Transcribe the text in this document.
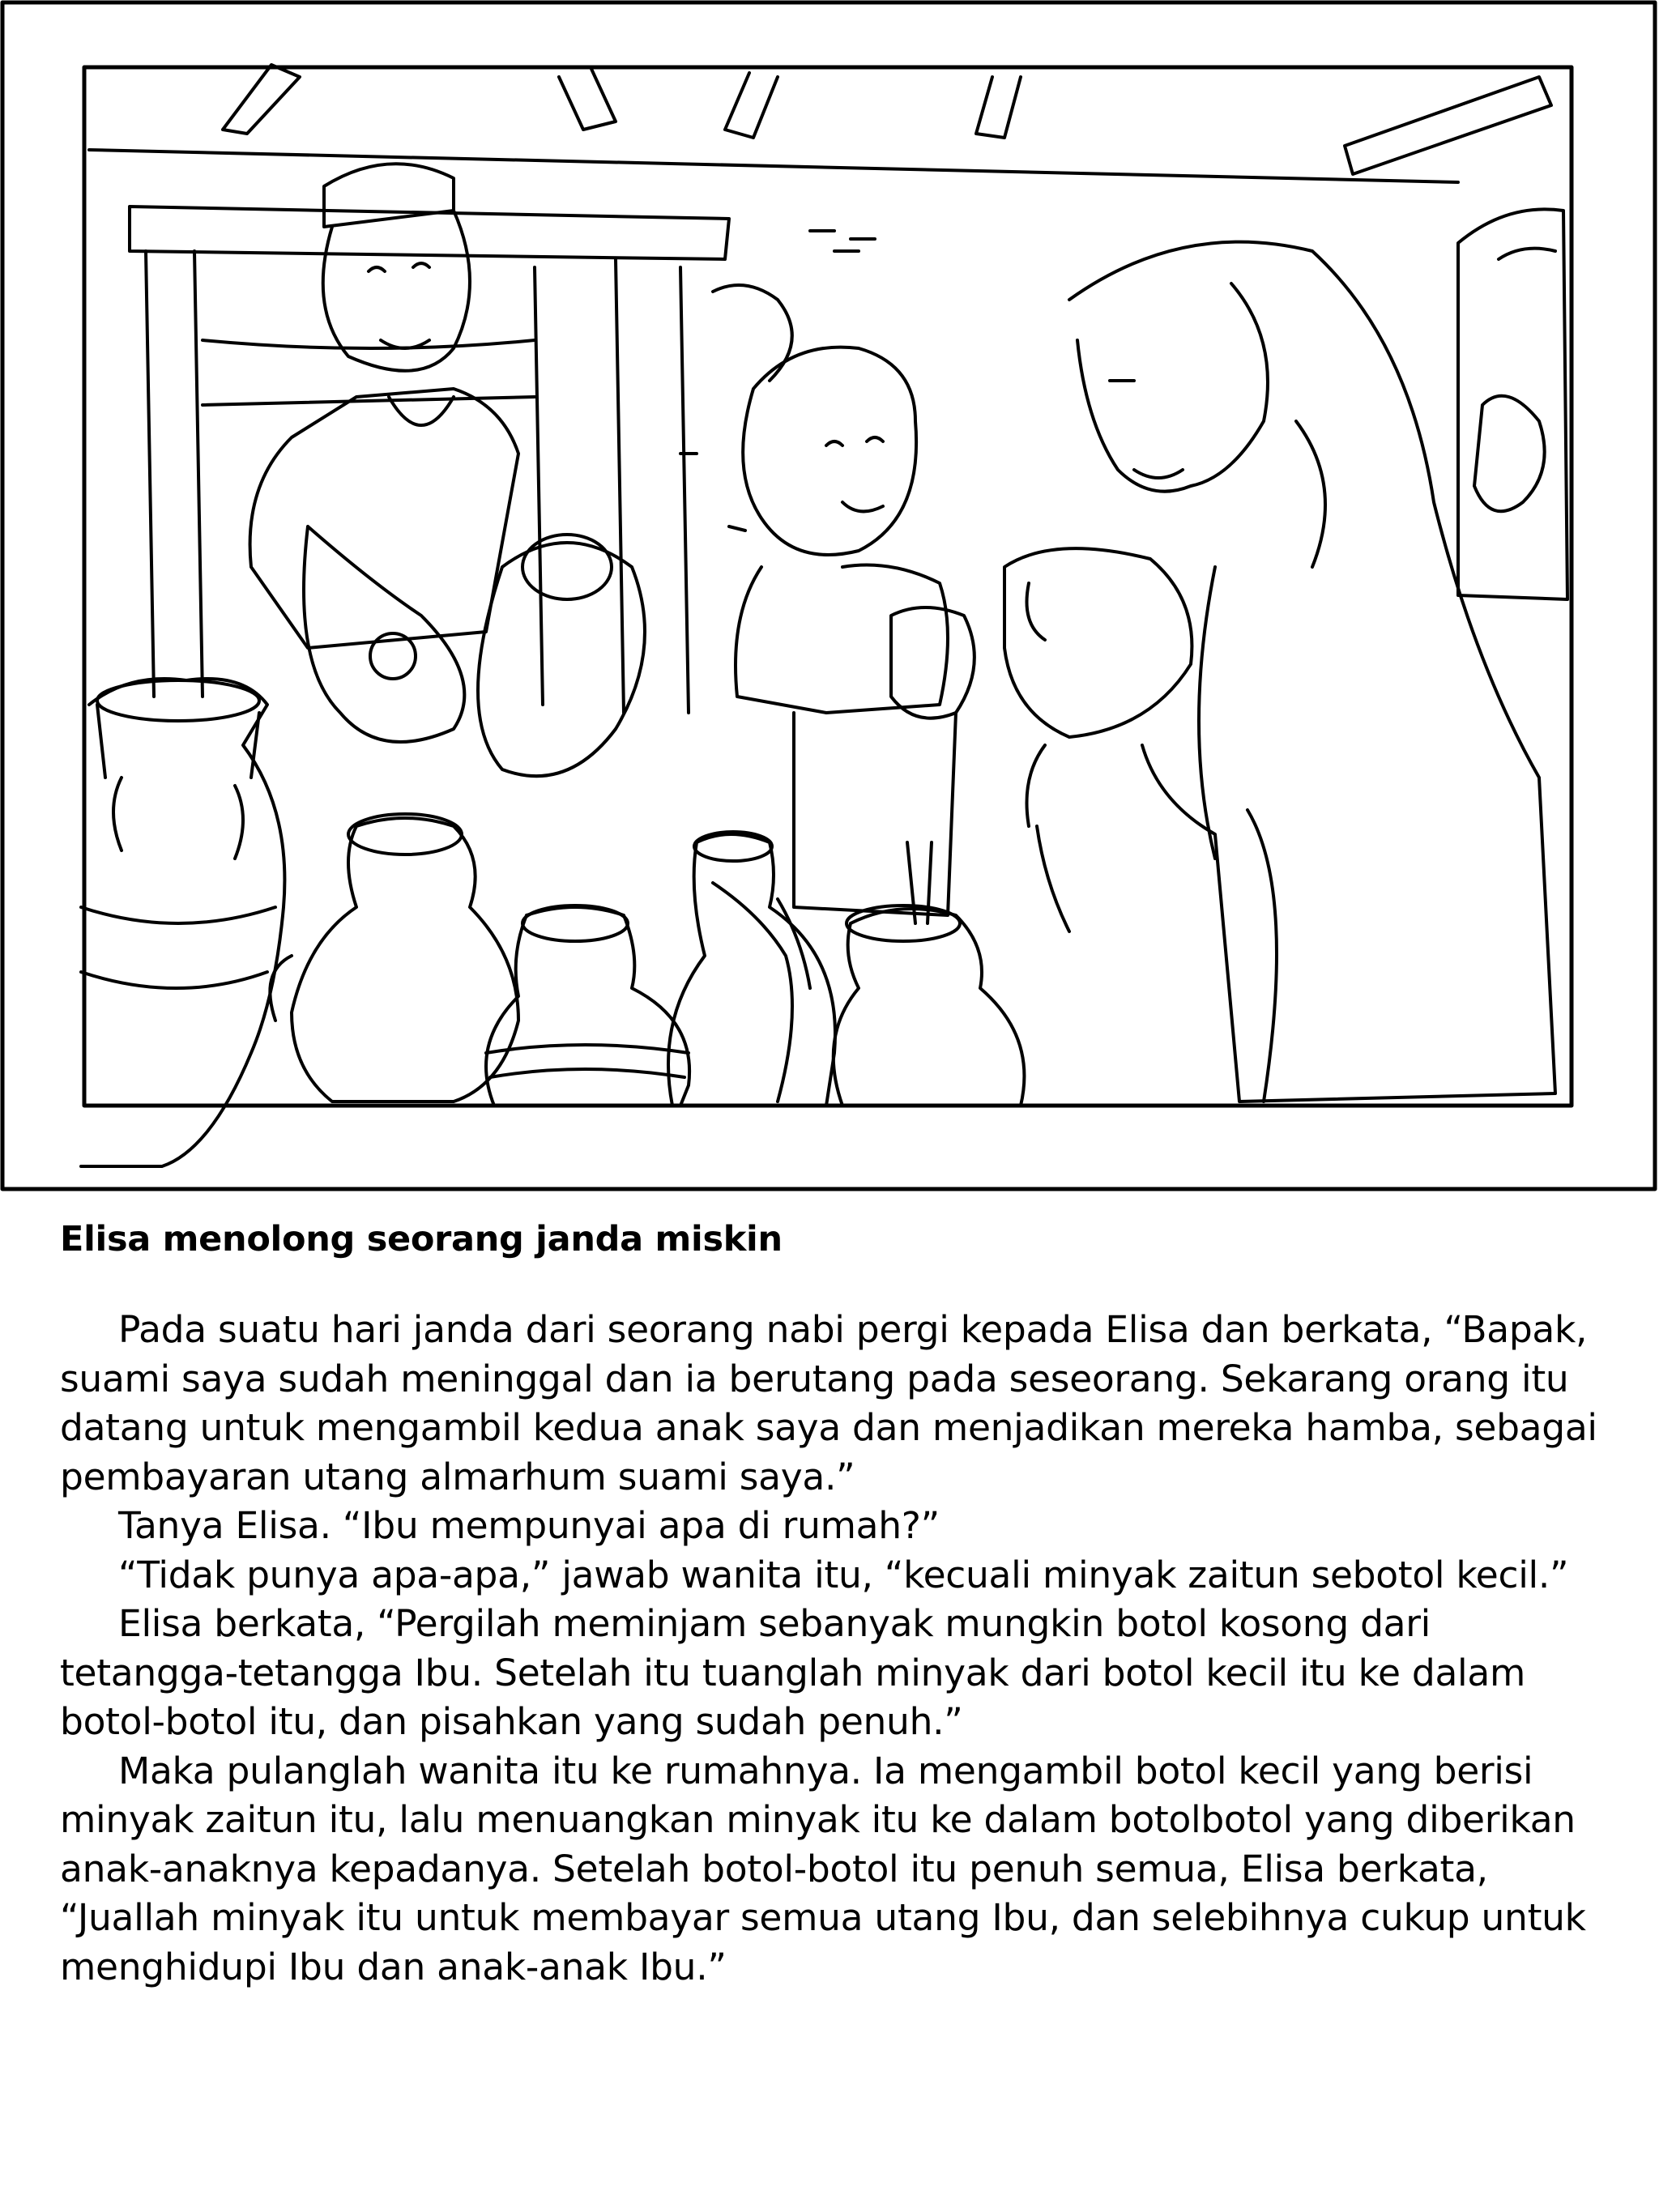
Elisa menolong seorang janda miskin

Pada suatu hari janda dari seorang nabi pergi kepada Elisa dan berkata, “Bapak, suami saya sudah meninggal dan ia berutang pada seseorang. Sekarang orang itu datang untuk mengambil kedua anak saya dan menjadikan mereka hamba, sebagai pembayaran utang almarhum suami saya.”

Tanya Elisa. “Ibu mempunyai apa di rumah?”

“Tidak punya apa-apa,” jawab wanita itu, “kecuali minyak zaitun sebotol kecil.”

Elisa berkata, “Pergilah meminjam sebanyak mungkin botol kosong dari tetangga-tetangga Ibu. Setelah itu tuanglah minyak dari botol kecil itu ke dalam botol-botol itu, dan pisahkan yang sudah penuh.”

Maka pulanglah wanita itu ke rumahnya. Ia mengambil botol kecil yang berisi minyak zaitun itu, lalu menuangkan minyak itu ke dalam botolbotol yang diberikan anak-anaknya kepadanya. Setelah botol-botol itu penuh semua, Elisa berkata, “Juallah minyak itu untuk membayar semua utang Ibu, dan selebihnya cukup untuk menghidupi Ibu dan anak-anak Ibu.”
